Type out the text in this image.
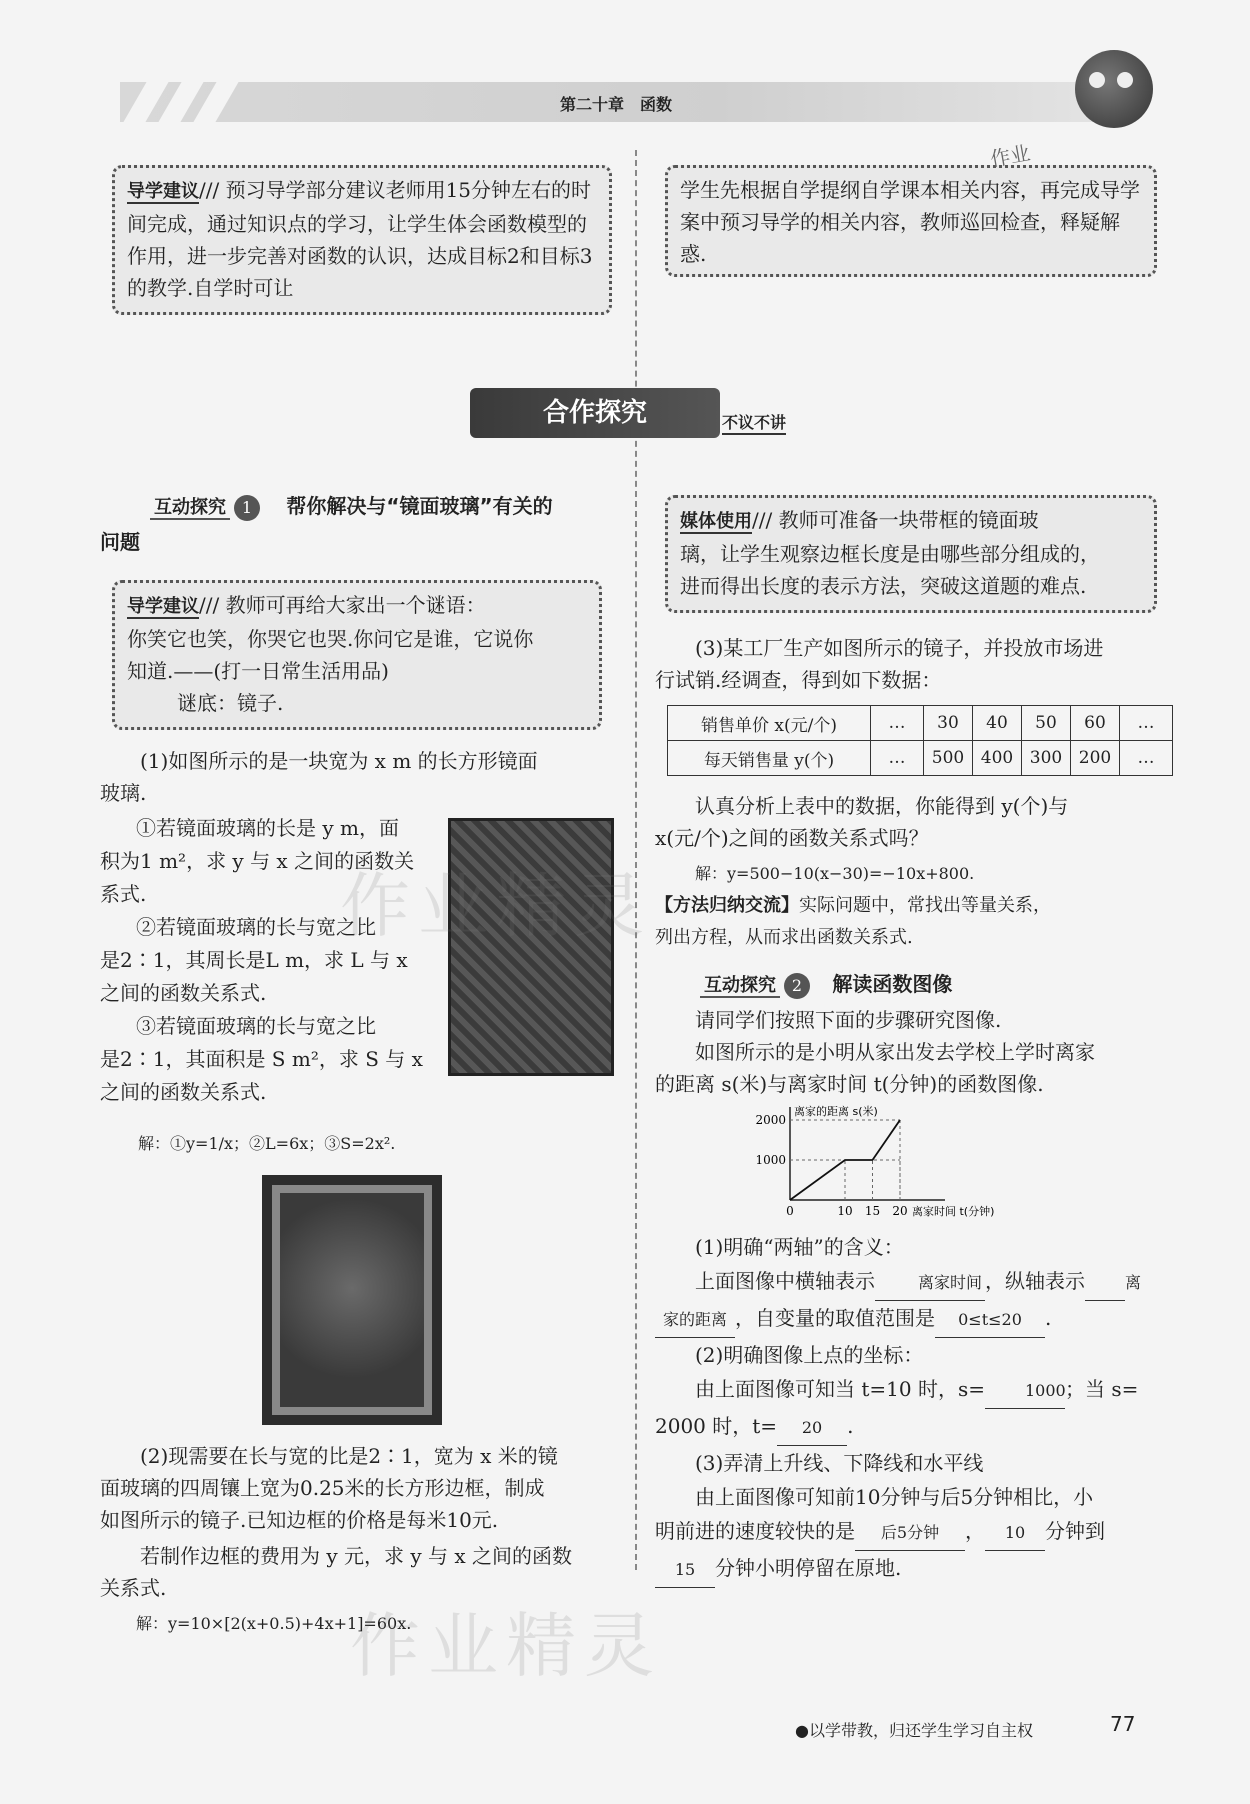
第二十章　函数
导学建议/// 预习导学部分建议老师用15分钟左右的时间完成，通过知识点的学习，让学生体会函数模型的作用，进一步完善对函数的认识，达成目标2和目标3的教学.自学时可让
学生先根据自学提纲自学课本相关内容，再完成导学案中预习导学的相关内容，教师巡回检查，释疑解惑.
作业
合作探究	不议不讲
互动探究 1 帮你解决与“镜面玻璃”有关的
问题
导学建议/// 教师可再给大家出一个谜语：
你笑它也笑，你哭它也哭.你问它是谁，它说你
知道.——(打一日常生活用品)
谜底：镜子.
(1)如图所示的是一块宽为 x m 的长方形镜面
玻璃.
①若镜面玻璃的长是 y m，面
积为1 m²，求 y 与 x 之间的函数关
系式.
②若镜面玻璃的长与宽之比
是2∶1，其周长是L m，求 L 与 x
之间的函数关系式.
③若镜面玻璃的长与宽之比
是2∶1，其面积是 S m²，求 S 与 x
之间的函数关系式.
解：①y=1/x；②L=6x；③S=2x².
(2)现需要在长与宽的比是2∶1，宽为 x 米的镜
面玻璃的四周镶上宽为0.25米的长方形边框，制成
如图所示的镜子.已知边框的价格是每米10元.
若制作边框的费用为 y 元，求 y 与 x 之间的函数
关系式.
解：y=10×[2(x+0.5)+4x+1]=60x.
媒体使用/// 教师可准备一块带框的镜面玻
璃，让学生观察边框长度是由哪些部分组成的，
进而得出长度的表示方法，突破这道题的难点.
(3)某工厂生产如图所示的镜子，并投放市场进
行试销.经调查，得到如下数据：
销售单价 x(元/个)	…	30	40	50	60	…
每天销售量 y(个)	…	500	400	300	200	…
认真分析上表中的数据，你能得到 y(个)与
x(元/个)之间的函数关系式吗？
解：y=500−10(x−30)=−10x+800.
【方法归纳交流】实际问题中，常找出等量关系，
列出方程，从而求出函数关系式.
互动探究 2 解读函数图像
请同学们按照下面的步骤研究图像.
如图所示的是小明从家出发去学校上学时离家
的距离 s(米)与离家时间 t(分钟)的函数图像.
1000
2000
0	10 15 20
离家的距离 s(米)
离家时间 t(分钟)
(1)明确“两轴”的含义：
上面图像中横轴表示	离家时间 ，纵轴表示	离
家的距离 ，自变量的取值范围是 0≤t≤20 .
(2)明确图像上点的坐标：
由上面图像可知当 t=10 时，s=	1000；当 s=
2000 时，t= 20 .
(3)弄清上升线、下降线和水平线
由上面图像可知前10分钟与后5分钟相比，小
明前进的速度较快的是 后5分钟 ， 10 分钟到
15 分钟小明停留在原地.
作业精灵
作业精灵
●以学带教，归还学生学习自主权	77
